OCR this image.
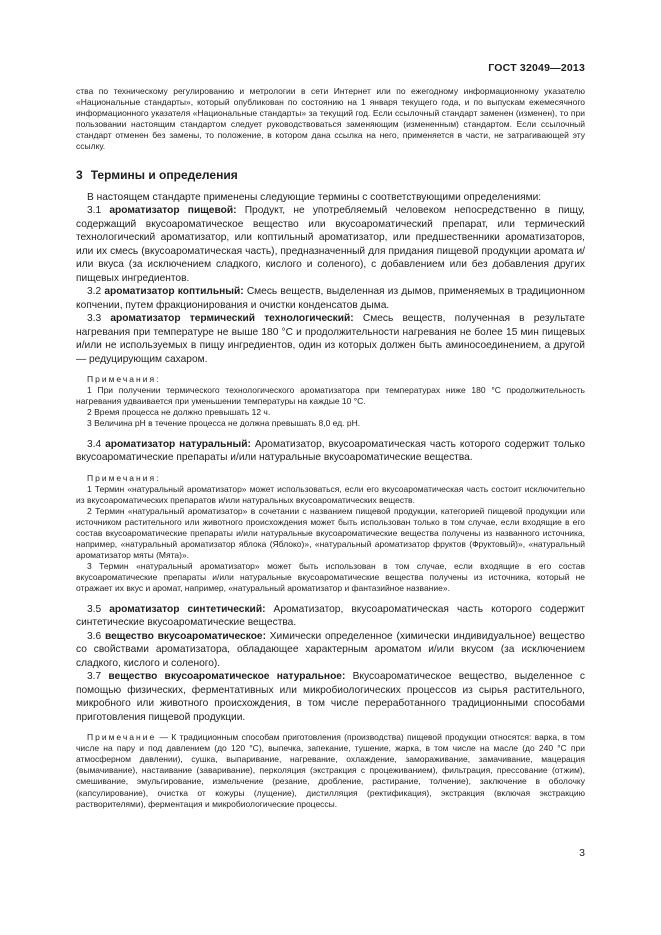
ГОСТ 32049—2013

ства по техническому регулированию и метрологии в сети Интернет или по ежегодному информационному указателю «Национальные стандарты», который опубликован по состоянию на 1 января текущего года, и по выпускам ежемесячного информационного указателя «Национальные стандарты» за текущий год. Если ссылочный стандарт заменен (изменен), то при пользовании настоящим стандартом следует руководствоваться заменяющим (измененным) стандартом. Если ссылочный стандарт отменен без замены, то положение, в котором дана ссылка на него, применяется в части, не затрагивающей эту ссылку.

3 Термины и определения

В настоящем стандарте применены следующие термины с соответствующими определениями:

3.1 ароматизатор пищевой: Продукт, не употребляемый человеком непосредственно в пищу, содержащий вкусоароматическое вещество или вкусоароматический препарат, или термический технологический ароматизатор, или коптильный ароматизатор, или предшественники ароматизаторов, или их смесь (вкусоароматическая часть), предназначенный для придания пищевой продукции аромата и/или вкуса (за исключением сладкого, кислого и соленого), с добавлением или без добавления других пищевых ингредиентов.

3.2 ароматизатор коптильный: Смесь веществ, выделенная из дымов, применяемых в традиционном копчении, путем фракционирования и очистки конденсатов дыма.

3.3 ароматизатор термический технологический: Смесь веществ, полученная в результате нагревания при температуре не выше 180 °С и продолжительности нагревания не более 15 мин пищевых и/или не используемых в пищу ингредиентов, один из которых должен быть аминосоединением, а другой — редуцирующим сахаром.

Примечания:

1 При получении термического технологического ароматизатора при температурах ниже 180 °С продолжительность нагревания удваивается при уменьшении температуры на каждые 10 °С.

2 Время процесса не должно превышать 12 ч.

3 Величина рН в течение процесса не должна превышать 8,0 ед. рН.

3.4 ароматизатор натуральный: Ароматизатор, вкусоароматическая часть которого содержит только вкусоароматические препараты и/или натуральные вкусоароматические вещества.

Примечания:

1 Термин «натуральный ароматизатор» может использоваться, если его вкусоароматическая часть состоит исключительно из вкусоароматических препаратов и/или натуральных вкусоароматических веществ.

2 Термин «натуральный ароматизатор» в сочетании с названием пищевой продукции, категорией пищевой продукции или источником растительного или животного происхождения может быть использован только в том случае, если входящие в его состав вкусоароматические препараты и/или натуральные вкусоароматические вещества получены из названного источника, например, «натуральный ароматизатор яблока (Яблоко)», «натуральный ароматизатор фруктов (Фруктовый)», «натуральный ароматизатор мяты (Мята)».

3 Термин «натуральный ароматизатор» может быть использован в том случае, если входящие в его состав вкусоароматические препараты и/или натуральные вкусоароматические вещества получены из источника, который не отражает их вкус и аромат, например, «натуральный ароматизатор и фантазийное название».

3.5 ароматизатор синтетический: Ароматизатор, вкусоароматическая часть которого содержит синтетические вкусоароматические вещества.

3.6 вещество вкусоароматическое: Химически определенное (химически индивидуальное) вещество со свойствами ароматизатора, обладающее характерным ароматом и/или вкусом (за исключением сладкого, кислого и соленого).

3.7 вещество вкусоароматическое натуральное: Вкусоароматическое вещество, выделенное с помощью физических, ферментативных или микробиологических процессов из сырья растительного, микробного или животного происхождения, в том числе переработанного традиционными способами приготовления пищевой продукции.

Примечание — К традиционным способам приготовления (производства) пищевой продукции относятся: варка, в том числе на пару и под давлением (до 120 °С), выпечка, запекание, тушение, жарка, в том числе на масле (до 240 °С при атмосферном давлении), сушка, выпаривание, нагревание, охлаждение, замораживание, замачивание, мацерация (вымачивание), настаивание (заваривание), перколяция (экстракция с процеживанием), фильтрация, прессование (отжим), смешивание, эмульгирование, измельчение (резание, дробление, растирание, толчение), заключение в оболочку (капсулирование), очистка от кожуры (лущение), дистилляция (ректификация), экстракция (включая экстракцию растворителями), ферментация и микробиологические процессы.

3
